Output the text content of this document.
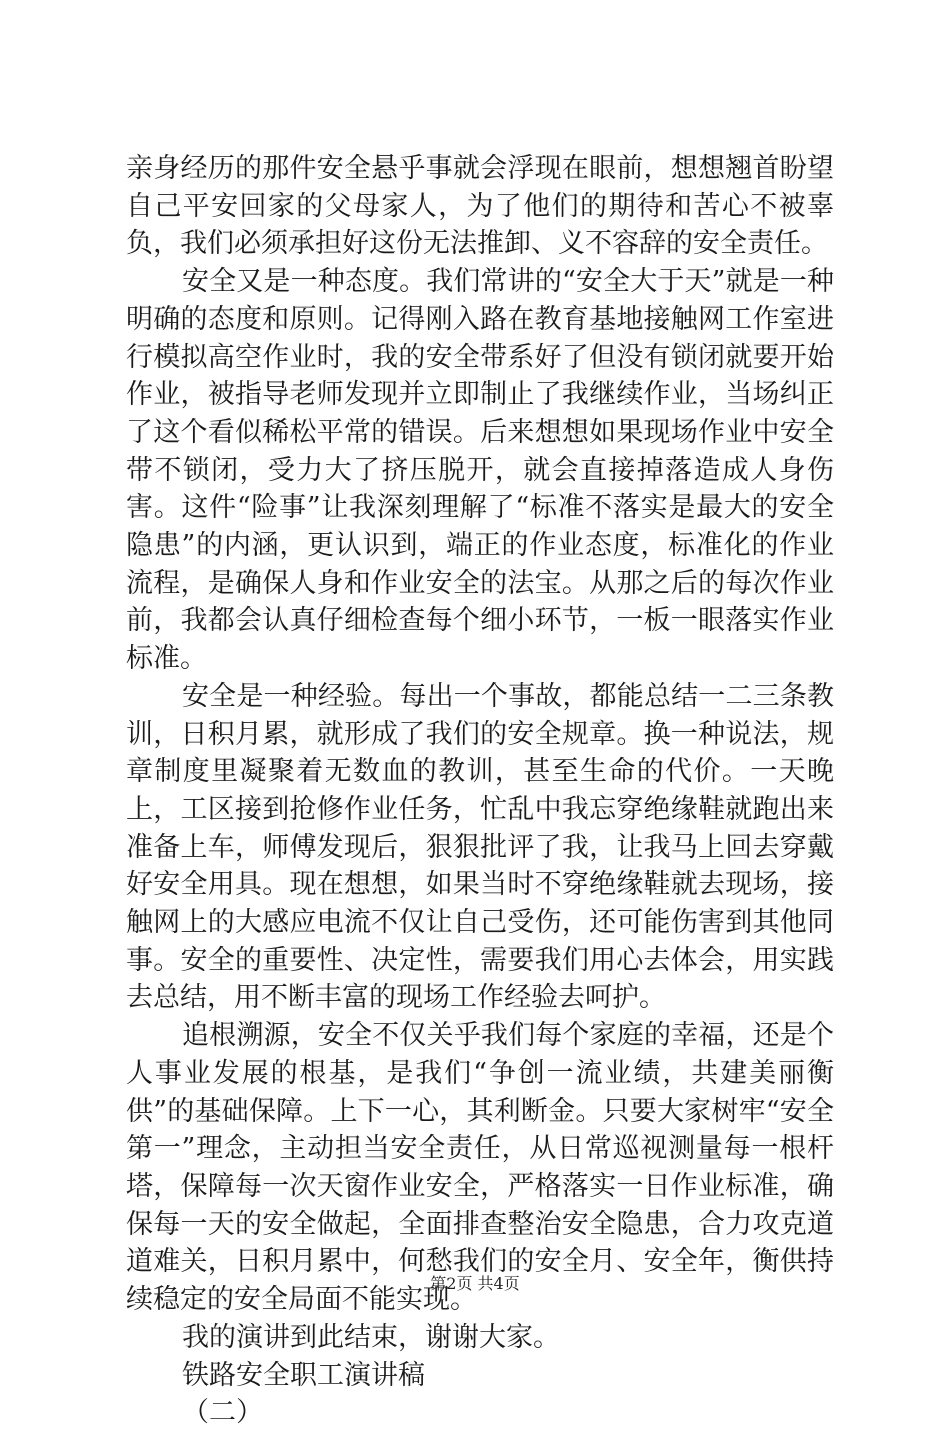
亲身经历的那件安全悬乎事就会浮现在眼前，想想翘首盼望自己平安回家的父母家人，为了他们的期待和苦心不被辜负，我们必须承担好这份无法推卸、义不容辞的安全责任。

安全又是一种态度。我们常讲的“安全大于天”就是一种明确的态度和原则。记得刚入路在教育基地接触网工作室进行模拟高空作业时，我的安全带系好了但没有锁闭就要开始作业，被指导老师发现并立即制止了我继续作业，当场纠正了这个看似稀松平常的错误。后来想想如果现场作业中安全带不锁闭，受力大了挤压脱开，就会直接掉落造成人身伤害。这件“险事”让我深刻理解了“标准不落实是最大的安全隐患”的内涵，更认识到，端正的作业态度，标准化的作业流程，是确保人身和作业安全的法宝。从那之后的每次作业前，我都会认真仔细检查每个细小环节，一板一眼落实作业标准。

安全是一种经验。每出一个事故，都能总结一二三条教训，日积月累，就形成了我们的安全规章。换一种说法，规章制度里凝聚着无数血的教训，甚至生命的代价。一天晚上，工区接到抢修作业任务，忙乱中我忘穿绝缘鞋就跑出来准备上车，师傅发现后，狠狠批评了我，让我马上回去穿戴好安全用具。现在想想，如果当时不穿绝缘鞋就去现场，接触网上的大感应电流不仅让自己受伤，还可能伤害到其他同事。安全的重要性、决定性，需要我们用心去体会，用实践去总结，用不断丰富的现场工作经验去呵护。

追根溯源，安全不仅关乎我们每个家庭的幸福，还是个人事业发展的根基，是我们“争创一流业绩，共建美丽衡供”的基础保障。上下一心，其利断金。只要大家树牢“安全第一”理念，主动担当安全责任，从日常巡视测量每一根杆塔，保障每一次天窗作业安全，严格落实一日作业标准，确保每一天的安全做起，全面排查整治安全隐患，合力攻克道道难关，日积月累中，何愁我们的安全月、安全年，衡供持续稳定的安全局面不能实现。

我的演讲到此结束，谢谢大家。

铁路安全职工演讲稿

（二）

第2页 共4页
